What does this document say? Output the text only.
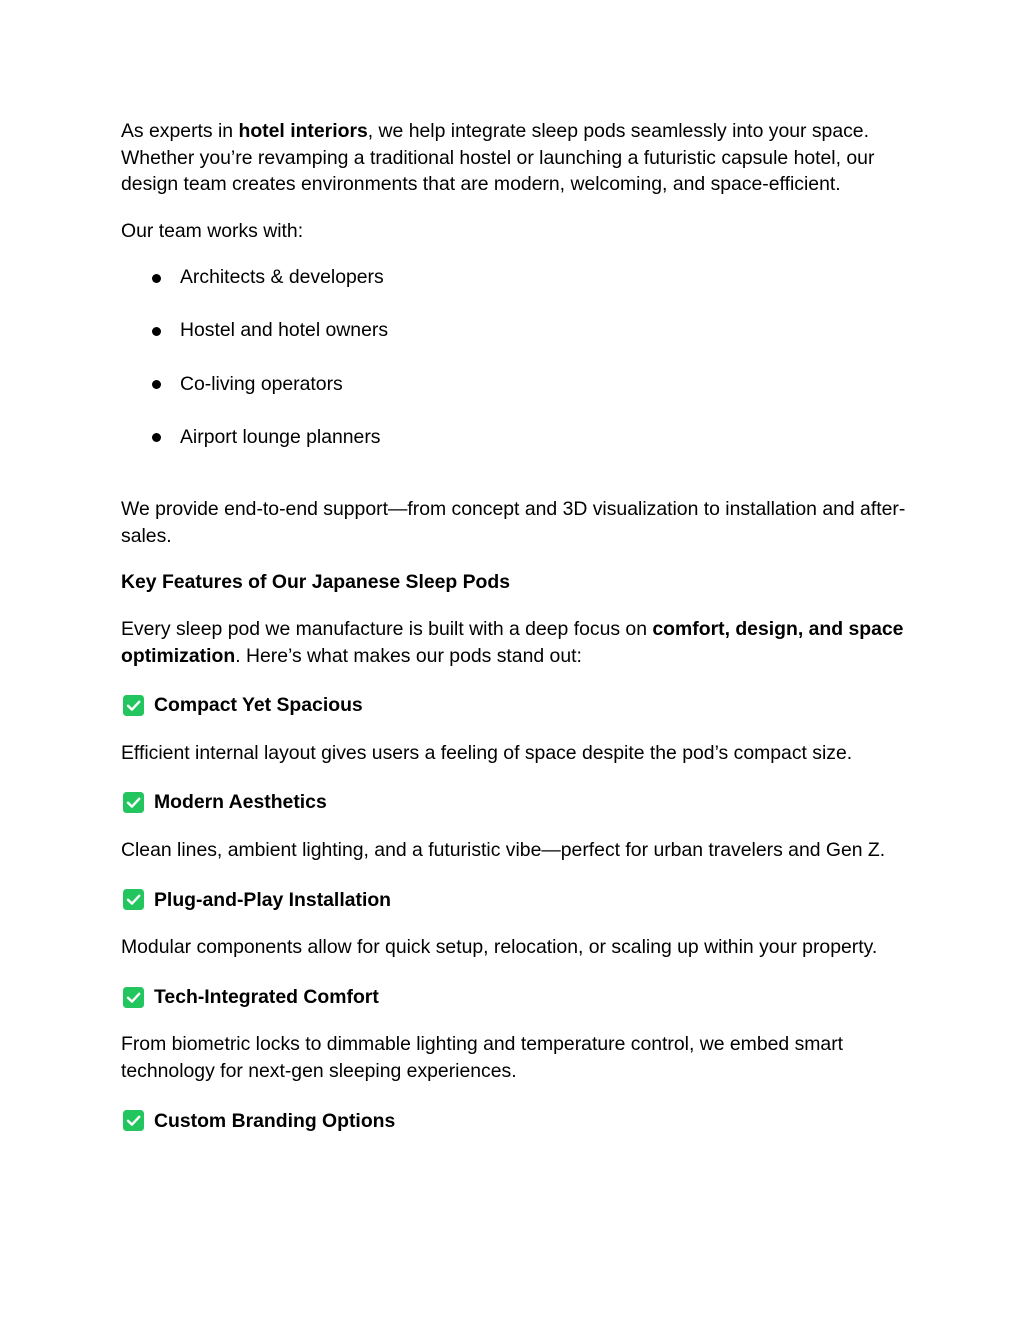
As experts in hotel interiors, we help integrate sleep pods seamlessly into your space. Whether you’re revamping a traditional hostel or launching a futuristic capsule hotel, our design team creates environments that are modern, welcoming, and space-efficient.

Our team works with:

Architects & developers
Hostel and hotel owners
Co-living operators
Airport lounge planners

We provide end-to-end support—from concept and 3D visualization to installation and after-sales.

Key Features of Our Japanese Sleep Pods

Every sleep pod we manufacture is built with a deep focus on comfort, design, and space optimization. Here’s what makes our pods stand out:

Compact Yet Spacious

Efficient internal layout gives users a feeling of space despite the pod’s compact size.

Modern Aesthetics

Clean lines, ambient lighting, and a futuristic vibe—perfect for urban travelers and Gen Z.

Plug-and-Play Installation

Modular components allow for quick setup, relocation, or scaling up within your property.

Tech-Integrated Comfort

From biometric locks to dimmable lighting and temperature control, we embed smart technology for next-gen sleeping experiences.

Custom Branding Options
